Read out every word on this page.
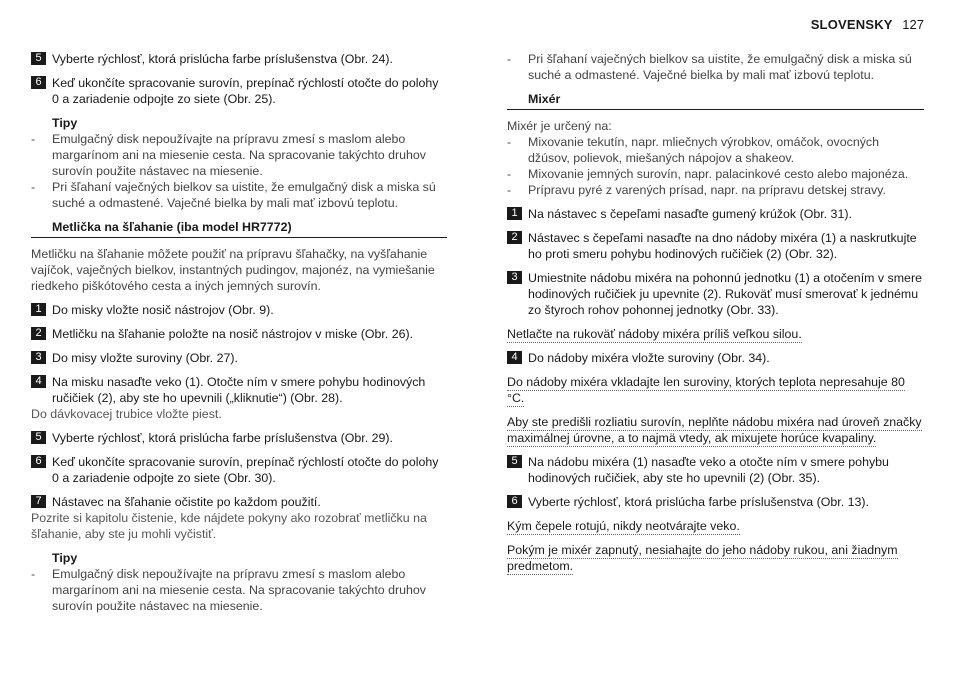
SLOVENSKY 127
5 Vyberte rýchlosť, ktorá prislúcha farbe príslušenstva (Obr. 24).
6 Keď ukončíte spracovanie surovín, prepínač rýchlostí otočte do polohy 0 a zariadenie odpojte zo siete (Obr. 25).
Tipy
- Emulgačný disk nepoužívajte na prípravu zmesí s maslom alebo margarínom ani na miesenie cesta. Na spracovanie takýchto druhov surovín použite nástavec na miesenie.
- Pri šľahaní vaječných bielkov sa uistite, že emulgačný disk a miska sú suché a odmastené. Vaječné bielka by mali mať izbovú teplotu.
Metlička na šľahanie (iba model HR7772)
Metličku na šľahanie môžete použiť na prípravu šľahačky, na vyšľahanie vajíčok, vaječných bielkov, instantných pudingov, majonéz, na vymiešanie riedkeho piškótového cesta a iných jemných surovín.
1 Do misky vložte nosič nástrojov (Obr. 9).
2 Metličku na šľahanie položte na nosič nástrojov v miske (Obr. 26).
3 Do misy vložte suroviny (Obr. 27).
4 Na misku nasaďte veko (1). Otočte ním v smere pohybu hodinových ručičiek (2), aby ste ho upevnili („kliknutie“) (Obr. 28).
Do dávkovacej trubice vložte piest.
5 Vyberte rýchlosť, ktorá prislúcha farbe príslušenstva (Obr. 29).
6 Keď ukončíte spracovanie surovín, prepínač rýchlostí otočte do polohy 0 a zariadenie odpojte zo siete (Obr. 30).
7 Nástavec na šľahanie očistite po každom použití.
Pozrite si kapitolu čistenie, kde nájdete pokyny ako rozobrať metličku na šľahanie, aby ste ju mohli vyčistiť.
Tipy
- Emulgačný disk nepoužívajte na prípravu zmesí s maslom alebo margarínom ani na miesenie cesta. Na spracovanie takýchto druhov surovín použite nástavec na miesenie.
- Pri šľahaní vaječných bielkov sa uistite, že emulgačný disk a miska sú suché a odmastené. Vaječné bielka by mali mať izbovú teplotu.
Mixér
Mixér je určený na:
- Mixovanie tekutín, napr. mliečnych výrobkov, omáčok, ovocných džúsov, polievok, miešaných nápojov a shakeov.
- Mixovanie jemných surovín, napr. palacinkové cesto alebo majonéza.
- Prípravu pyré z varených prísad, napr. na prípravu detskej stravy.
1 Na nástavec s čepeľami nasaďte gumený krúžok (Obr. 31).
2 Nástavec s čepeľami nasaďte na dno nádoby mixéra (1) a naskrutkujte ho proti smeru pohybu hodinových ručičiek (2) (Obr. 32).
3 Umiestnite nádobu mixéra na pohonnú jednotku (1) a otočením v smere hodinových ručičiek ju upevnite (2). Rukoväť musí smerovať k jednému zo štyroch rohov pohonnej jednotky (Obr. 33).
Netlačte na rukoväť nádoby mixéra príliš veľkou silou.
4 Do nádoby mixéra vložte suroviny (Obr. 34).
Do nádoby mixéra vkladajte len suroviny, ktorých teplota nepresahuje 80 °C.
Aby ste predišli rozliatiu surovín, neplňte nádobu mixéra nad úroveň značky maximálnej úrovne, a to najmä vtedy, ak mixujete horúce kvapaliny.
5 Na nádobu mixéra (1) nasaďte veko a otočte ním v smere pohybu hodinových ručičiek, aby ste ho upevnili (2) (Obr. 35).
6 Vyberte rýchlosť, ktorá prislúcha farbe príslušenstva (Obr. 13).
Kým čepele rotujú, nikdy neotvárajte veko.
Pokým je mixér zapnutý, nesiahajte do jeho nádoby rukou, ani žiadnym predmetom.
